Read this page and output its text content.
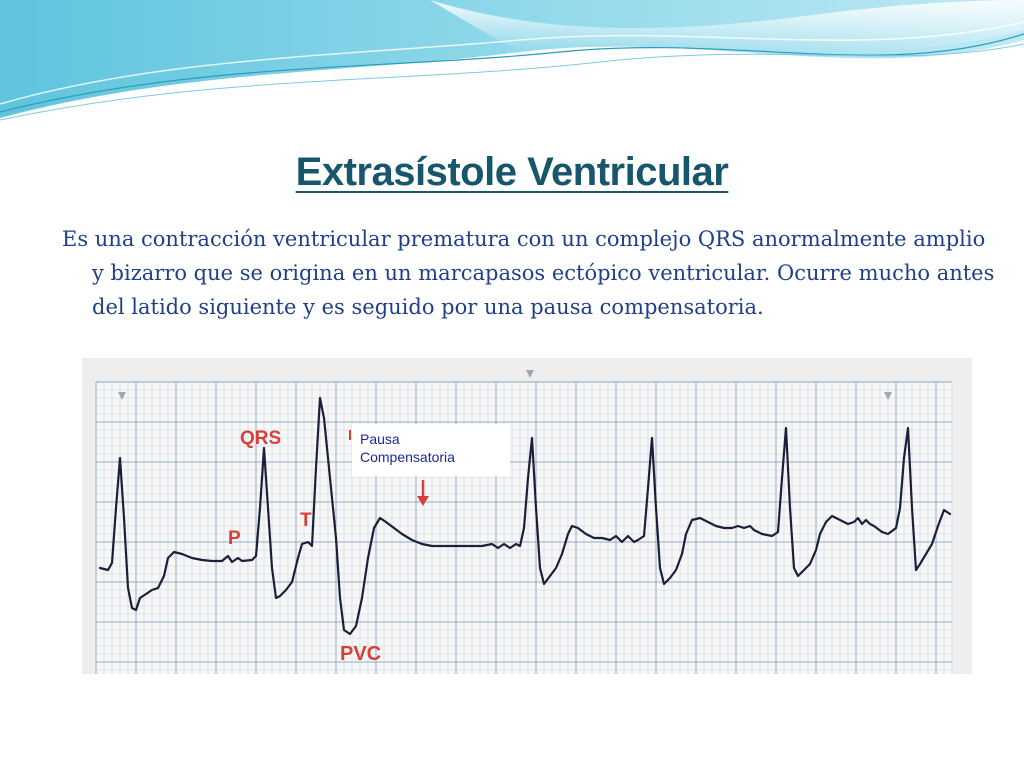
Extrasístole Ventricular

Es una contracción ventricular prematura con un complejo QRS anormalmente amplio y bizarro que se origina en un marcapasos ectópico ventricular. Ocurre mucho antes del latido siguiente y es seguido por una pausa compensatoria.

QRS
P
T
PVC
Pausa
Compensatoria
